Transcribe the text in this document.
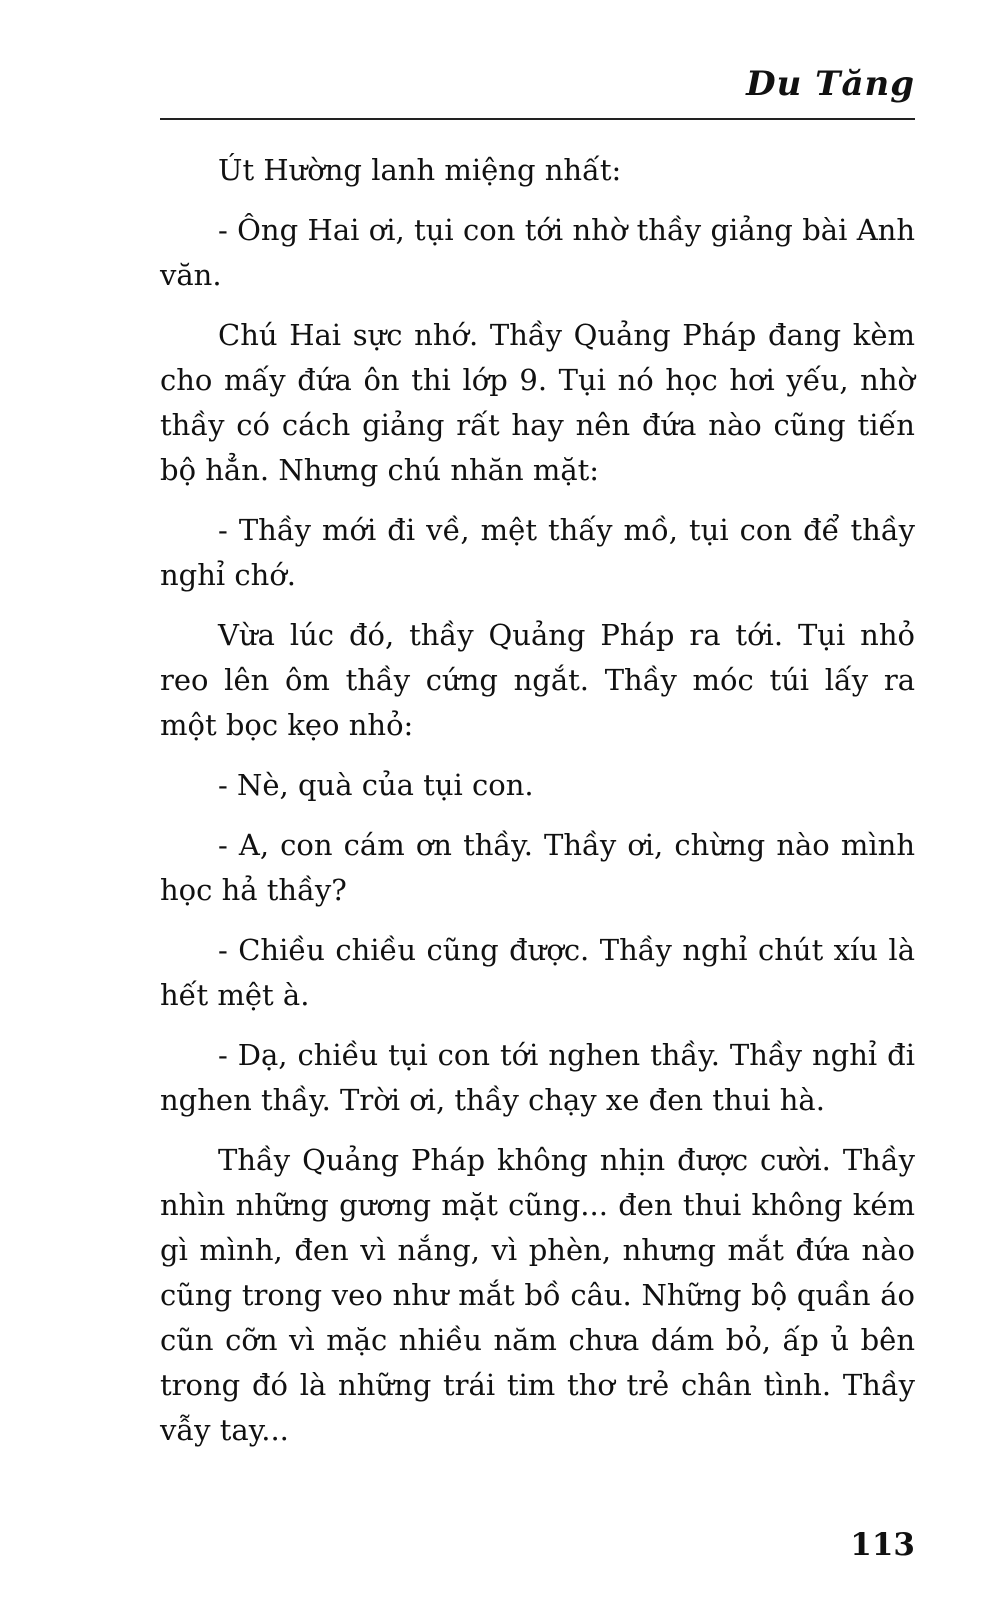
Du Tăng

Út Hường lanh miệng nhất:

- Ông Hai ơi, tụi con tới nhờ thầy giảng bài Anh văn.

Chú Hai sực nhớ. Thầy Quảng Pháp đang kèm cho mấy đứa ôn thi lớp 9. Tụi nó học hơi yếu, nhờ thầy có cách giảng rất hay nên đứa nào cũng tiến bộ hẳn. Nhưng chú nhăn mặt:

- Thầy mới đi về, mệt thấy mồ, tụi con để thầy nghỉ chớ.

Vừa lúc đó, thầy Quảng Pháp ra tới. Tụi nhỏ reo lên ôm thầy cứng ngắt. Thầy móc túi lấy ra một bọc kẹo nhỏ:

- Nè, quà của tụi con.

- A, con cám ơn thầy. Thầy ơi, chừng nào mình học hả thầy?

- Chiều chiều cũng được. Thầy nghỉ chút xíu là hết mệt à.

- Dạ, chiều tụi con tới nghen thầy. Thầy nghỉ đi nghen thầy. Trời ơi, thầy chạy xe đen thui hà.

Thầy Quảng Pháp không nhịn được cười. Thầy nhìn những gương mặt cũng... đen thui không kém gì mình, đen vì nắng, vì phèn, nhưng mắt đứa nào cũng trong veo như mắt bồ câu. Những bộ quần áo cũn cỡn vì mặc nhiều năm chưa dám bỏ, ấp ủ bên trong đó là những trái tim thơ trẻ chân tình. Thầy vẫy tay...

113
